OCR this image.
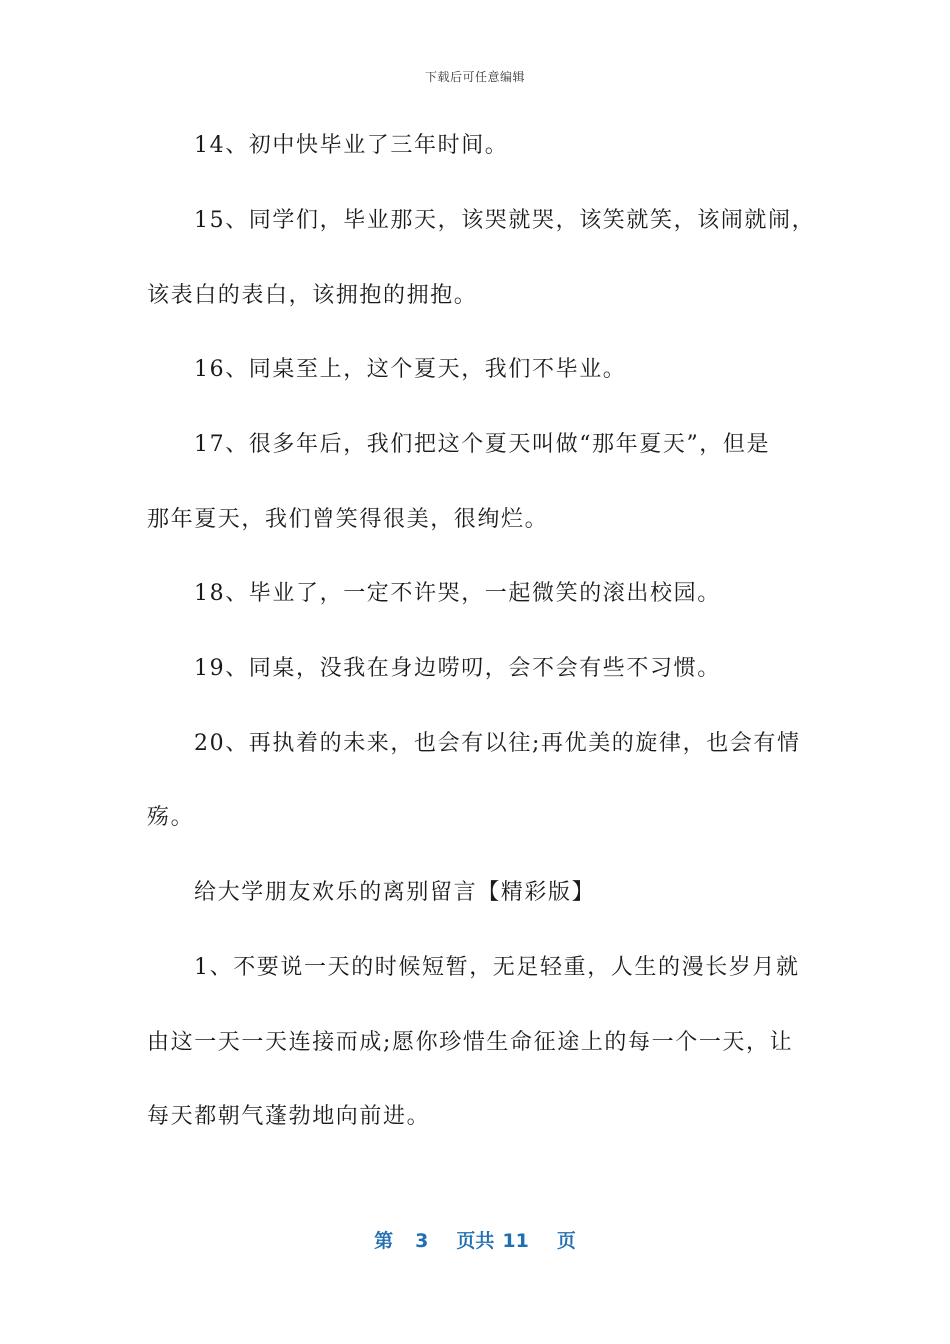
下载后可任意编辑
14、初中快毕业了三年时间。
15、同学们，毕业那天，该哭就哭，该笑就笑，该闹就闹，
该表白的表白，该拥抱的拥抱。
16、同桌至上，这个夏天，我们不毕业。
17、很多年后，我们把这个夏天叫做“那年夏天”，但是
那年夏天，我们曾笑得很美，很绚烂。
18、毕业了，一定不许哭，一起微笑的滚出校园。
19、同桌，没我在身边唠叨，会不会有些不习惯。
20、再执着的未来，也会有以往;再优美的旋律，也会有情
殇。
给大学朋友欢乐的离别留言【精彩版】
1、不要说一天的时候短暂，无足轻重，人生的漫长岁月就
由这一天一天连接而成;愿你珍惜生命征途上的每一个一天，让
每天都朝气蓬勃地向前进。
第 3 页共 11 页
